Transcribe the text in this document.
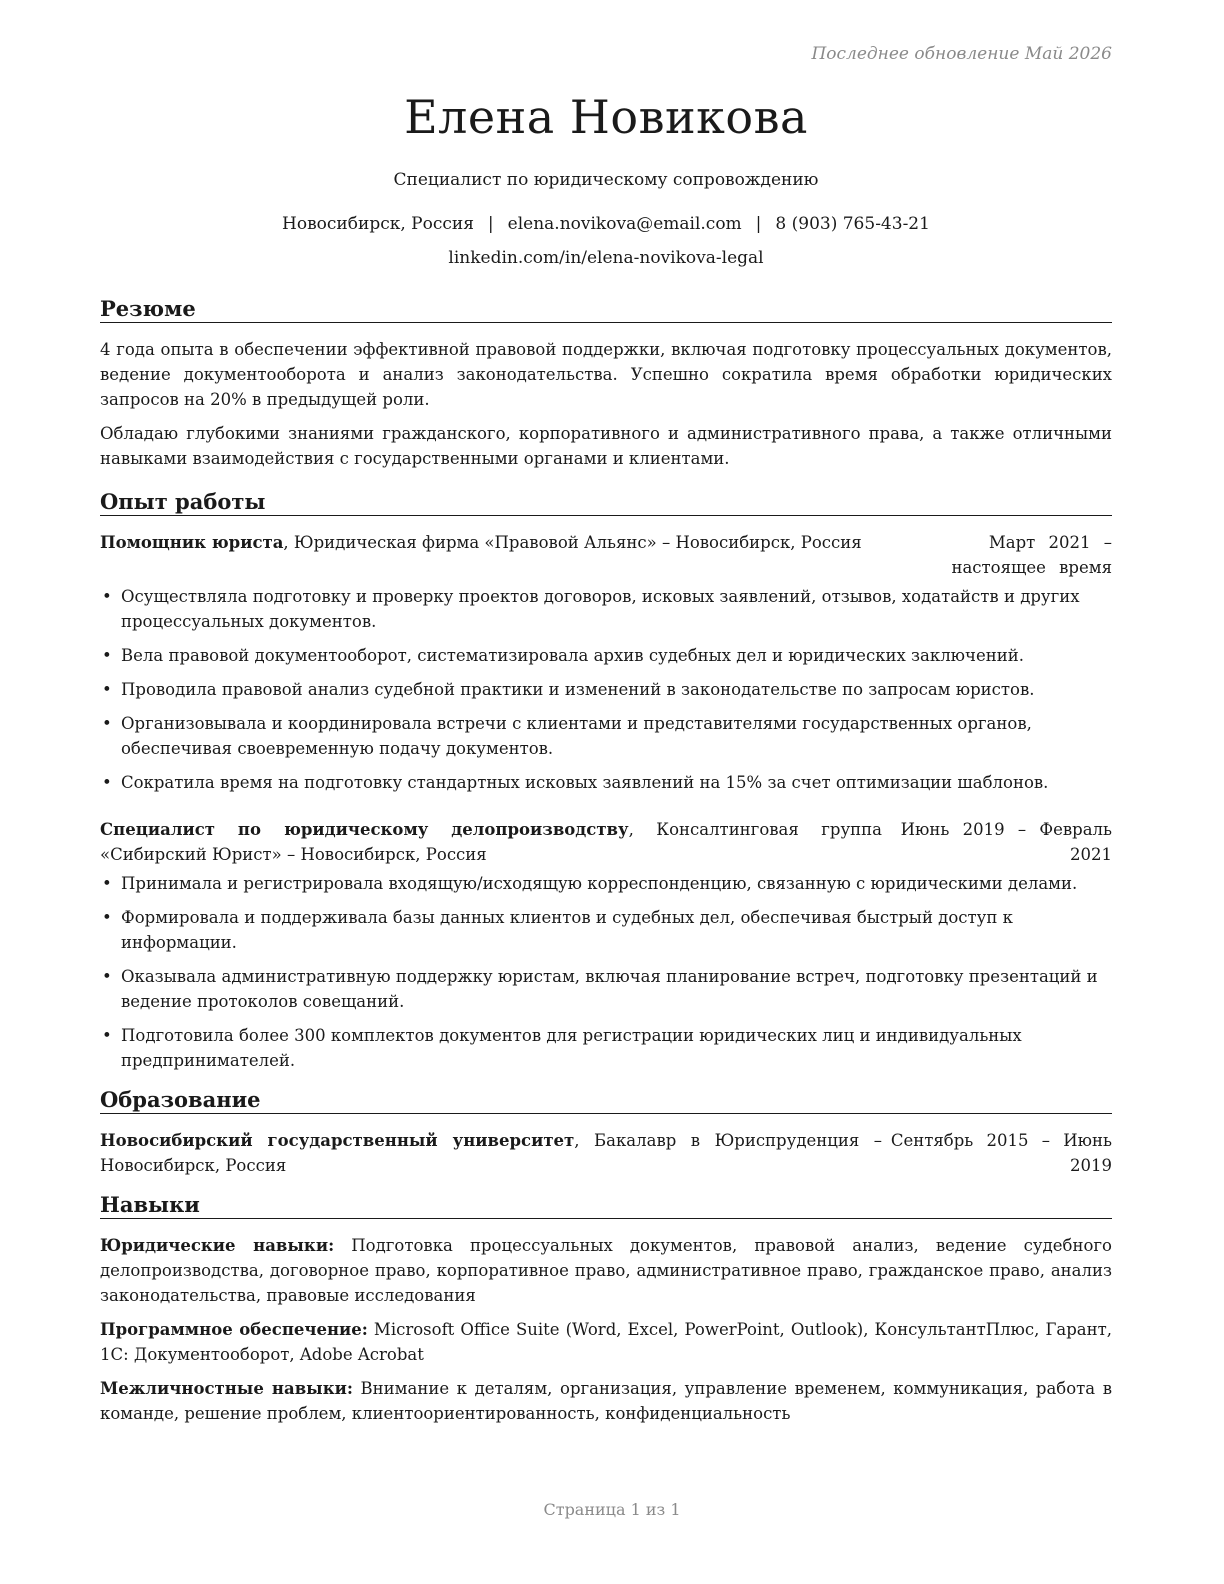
Последнее обновление Май 2026
Елена Новикова
Специалист по юридическому сопровождению
Новосибирск, Россия | elena.novikova@email.com | 8 (903) 765-43-21
linkedin.com/in/elena-novikova-legal
Резюме

4 года опыта в обеспечении эффективной правовой поддержки, включая подготовку процессуальных документов, ведение документооборота и анализ законодательства. Успешно сократила время обработки юридических запросов на 20% в предыдущей роли.

Обладаю глубокими знаниями гражданского, корпоративного и административного права, а также отличными навыками взаимодействия с государственными органами и клиентами.

Опыт работы
Помощник юриста, Юридическая фирма «Правовой Альянс» – Новосибирск, Россия	Март 2021 – настоящее время
• Осуществляла подготовку и проверку проектов договоров, исковых заявлений, отзывов, ходатайств и других процессуальных документов.
• Вела правовой документооборот, систематизировала архив судебных дел и юридических заключений.
• Проводила правовой анализ судебной практики и изменений в законодательстве по запросам юристов.
• Организовывала и координировала встречи с клиентами и представителями государственных органов, обеспечивая своевременную подачу документов.
• Сократила время на подготовку стандартных исковых заявлений на 15% за счет оптимизации шаблонов.
Специалист по юридическому делопроизводству, Консалтинговая группа «Сибирский Юрист» – Новосибирск, Россия
Июнь 2019 – Февраль 2021
• Принимала и регистрировала входящую/исходящую корреспонденцию, связанную с юридическими делами.
• Формировала и поддерживала базы данных клиентов и судебных дел, обеспечивая быстрый доступ к информации.
• Оказывала административную поддержку юристам, включая планирование встреч, подготовку презентаций и ведение протоколов совещаний.
• Подготовила более 300 комплектов документов для регистрации юридических лиц и индивидуальных предпринимателей.
Образование
Новосибирский государственный университет, Бакалавр в Юриспруденция – Новосибирск, Россия
Сентябрь 2015 – Июнь 2019
Навыки

Юридические навыки: Подготовка процессуальных документов, правовой анализ, ведение судебного делопроизводства, договорное право, корпоративное право, административное право, гражданское право, анализ законодательства, правовые исследования

Программное обеспечение: Microsoft Office Suite (Word, Excel, PowerPoint, Outlook), КонсультантПлюс, Гарант, 1С: Документооборот, Adobe Acrobat

Межличностные навыки: Внимание к деталям, организация, управление временем, коммуникация, работа в команде, решение проблем, клиентоориентированность, конфиденциальность

Страница 1 из 1
